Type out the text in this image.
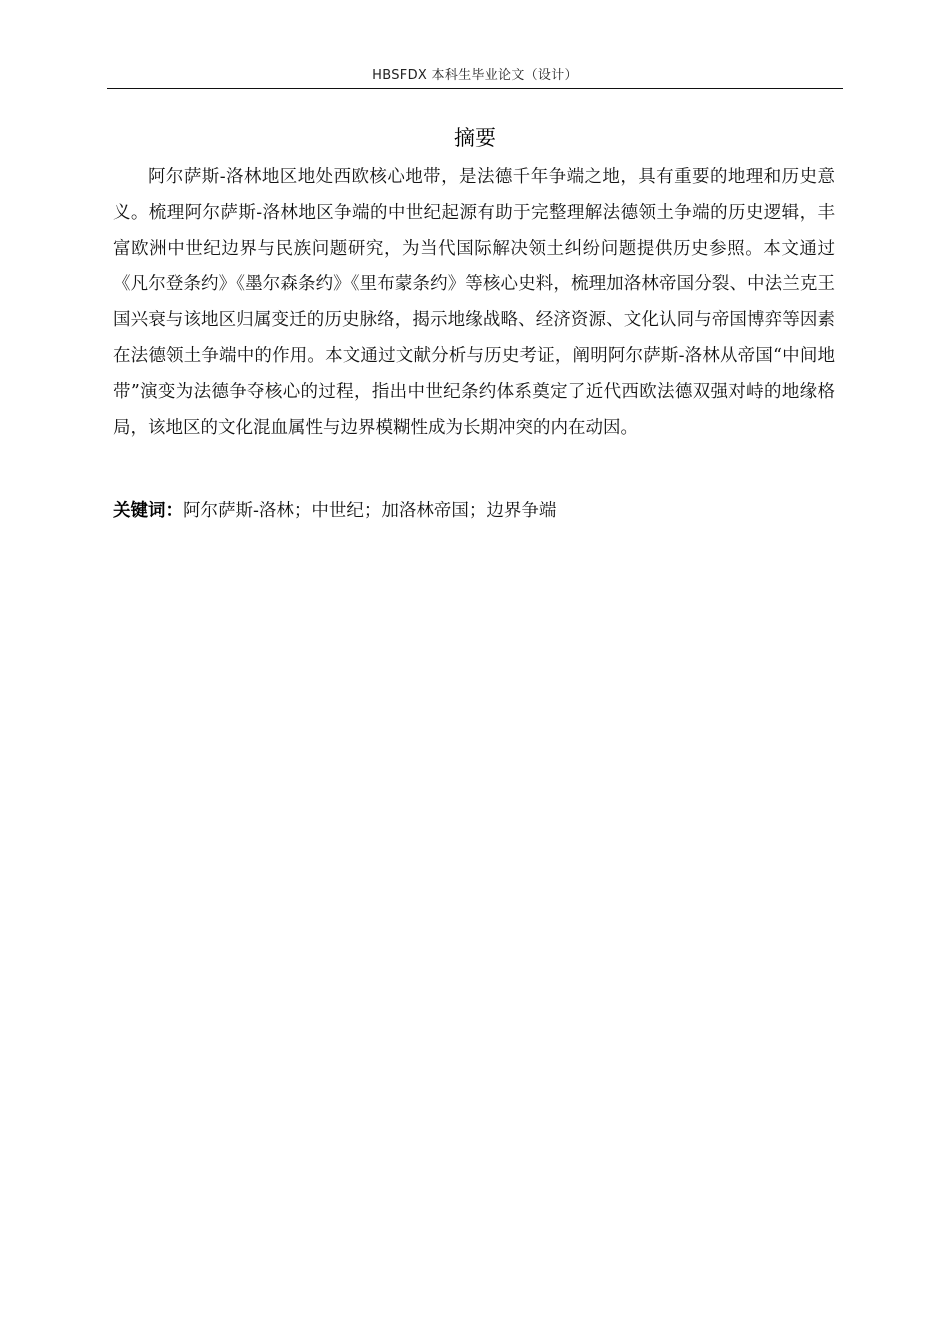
HBSFDX 本科生毕业论文（设计）
摘要

阿尔萨斯-洛林地区地处西欧核心地带，是法德千年争端之地，具有重要的地理和历史意义。梳理阿尔萨斯-洛林地区争端的中世纪起源有助于完整理解法德领土争端的历史逻辑，丰富欧洲中世纪边界与民族问题研究，为当代国际解决领土纠纷问题提供历史参照。本文通过《凡尔登条约》《墨尔森条约》《里布蒙条约》等核心史料，梳理加洛林帝国分裂、中法兰克王国兴衰与该地区归属变迁的历史脉络，揭示地缘战略、经济资源、文化认同与帝国博弈等因素在法德领土争端中的作用。本文通过文献分析与历史考证，阐明阿尔萨斯-洛林从帝国“中间地带”演变为法德争夺核心的过程，指出中世纪条约体系奠定了近代西欧法德双强对峙的地缘格局，该地区的文化混血属性与边界模糊性成为长期冲突的内在动因。

关键词：阿尔萨斯-洛林；中世纪；加洛林帝国；边界争端
